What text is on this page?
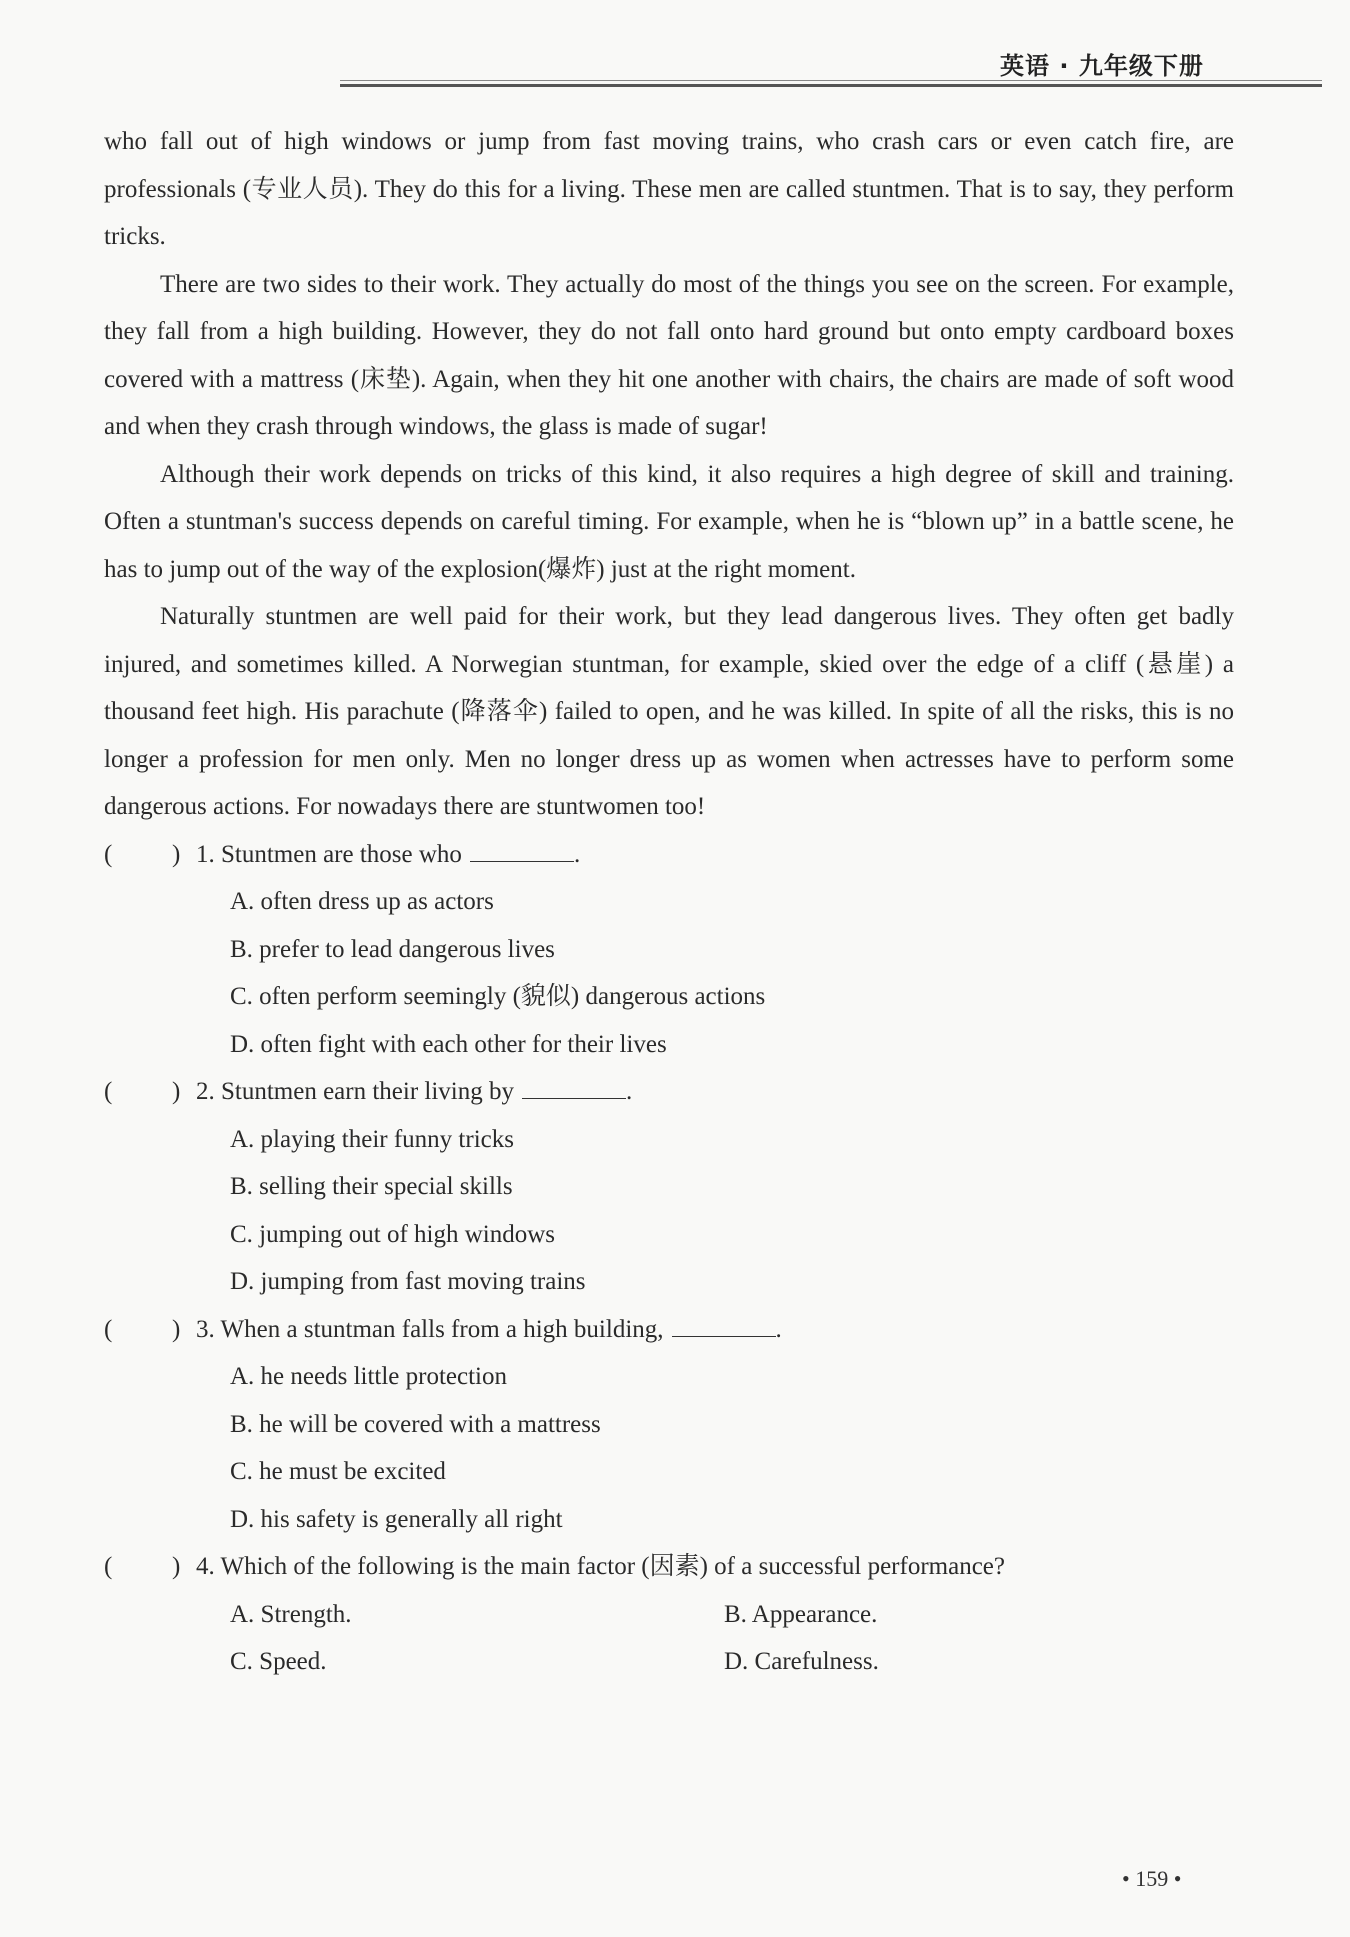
英语 · 九年级下册

who fall out of high windows or jump from fast moving trains, who crash cars or even catch fire, are professionals (专业人员). They do this for a living. These men are called stuntmen. That is to say, they perform tricks.

There are two sides to their work. They actually do most of the things you see on the screen. For example, they fall from a high building. However, they do not fall onto hard ground but onto empty cardboard boxes covered with a mattress (床垫). Again, when they hit one another with chairs, the chairs are made of soft wood and when they crash through windows, the glass is made of sugar!

Although their work depends on tricks of this kind, it also requires a high degree of skill and training. Often a stuntman's success depends on careful timing. For example, when he is “blown up” in a battle scene, he has to jump out of the way of the explosion(爆炸) just at the right moment.

Naturally stuntmen are well paid for their work, but they lead dangerous lives. They often get badly injured, and sometimes killed. A Norwegian stuntman, for example, skied over the edge of a cliff (悬崖) a thousand feet high. His parachute (降落伞) failed to open, and he was killed. In spite of all the risks, this is no longer a profession for men only. Men no longer dress up as women when actresses have to perform some dangerous actions. For nowadays there are stuntwomen too!

( ) 1. Stuntmen are those who	.
A. often dress up as actors
B. prefer to lead dangerous lives
C. often perform seemingly (貌似) dangerous actions
D. often fight with each other for their lives
( ) 2. Stuntmen earn their living by	.
A. playing their funny tricks
B. selling their special skills
C. jumping out of high windows
D. jumping from fast moving trains
( ) 3. When a stuntman falls from a high building,	.
A. he needs little protection
B. he will be covered with a mattress
C. he must be excited
D. his safety is generally all right
( ) 4. Which of the following is the main factor (因素) of a successful performance?
A. Strength.	B. Appearance.
C. Speed.	D. Carefulness.
• 159 •
